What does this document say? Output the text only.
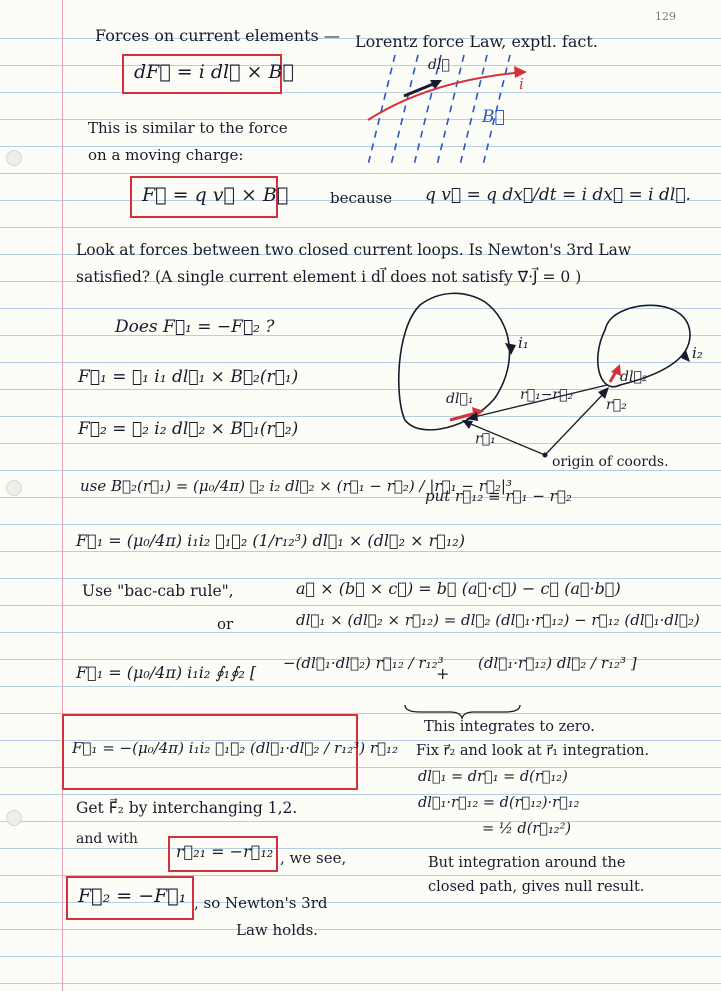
129
Forces on current elements — Lorentz force Law, exptl. fact.
dF⃗ = i dl⃗ × B⃗	dl⃗
i
B⃗
This is similar to the force
on a moving charge:
F⃗ = q v⃗ × B⃗	because q v⃗ = q dx⃗/dt = i dx⃗ = i dl⃗.
Look at forces between two closed current loops. Is Newton's 3rd Law
satisfied? (A single current element i dl⃗ does not satisfy ∇⃗·J⃗ = 0 )
Does F⃗₁ = −F⃗₂ ?
F⃗₁ = ∮₁ i₁ dl⃗₁ × B⃗₂(r⃗₁)
F⃗₂ = ∮₂ i₂ dl⃗₂ × B⃗₁(r⃗₂)
i₁
i₂
dl⃗₁
dl⃗₂
r⃗₁−r⃗₂
r⃗₂
r⃗₁
origin of coords.
use B⃗₂(r⃗₁) = (μ₀/4π) ∮₂ i₂ dl⃗₂ × (r⃗₁ − r⃗₂) / |r⃗₁ − r⃗₂|³
put r⃗₁₂ ≡ r⃗₁ − r⃗₂
F⃗₁ = (μ₀/4π) i₁i₂ ∮₁∮₂ (1/r₁₂³) dl⃗₁ × (dl⃗₂ × r⃗₁₂)
Use "bac-cab rule",	a⃗ × (b⃗ × c⃗) = b⃗ (a⃗·c⃗) − c⃗ (a⃗·b⃗)
or	dl⃗₁ × (dl⃗₂ × r⃗₁₂) = dl⃗₂ (dl⃗₁·r⃗₁₂) − r⃗₁₂ (dl⃗₁·dl⃗₂)
F⃗₁ = (μ₀/4π) i₁i₂ ∮₁∮₂ [ −(dl⃗₁·dl⃗₂) r⃗₁₂ / r₁₂³
+
(dl⃗₁·r⃗₁₂) dl⃗₂ / r₁₂³ ]
F⃗₁ = −(μ₀/4π) i₁i₂ ∮₁∮₂ (dl⃗₁·dl⃗₂ / r₁₂³) r⃗₁₂
This integrates to zero.
Fix r⃗₂ and look at r⃗₁ integration.
dl⃗₁ = dr⃗₁ = d(r⃗₁₂)
dl⃗₁·r⃗₁₂ = d(r⃗₁₂)·r⃗₁₂
= ½ d(r⃗₁₂²)
But integration around the
closed path, gives null result.
Get F⃗₂ by interchanging 1,2.
and with
r⃗₂₁ = −r⃗₁₂ , we see,
F⃗₂ = −F⃗₁ , so Newton's 3rd
Law holds.
